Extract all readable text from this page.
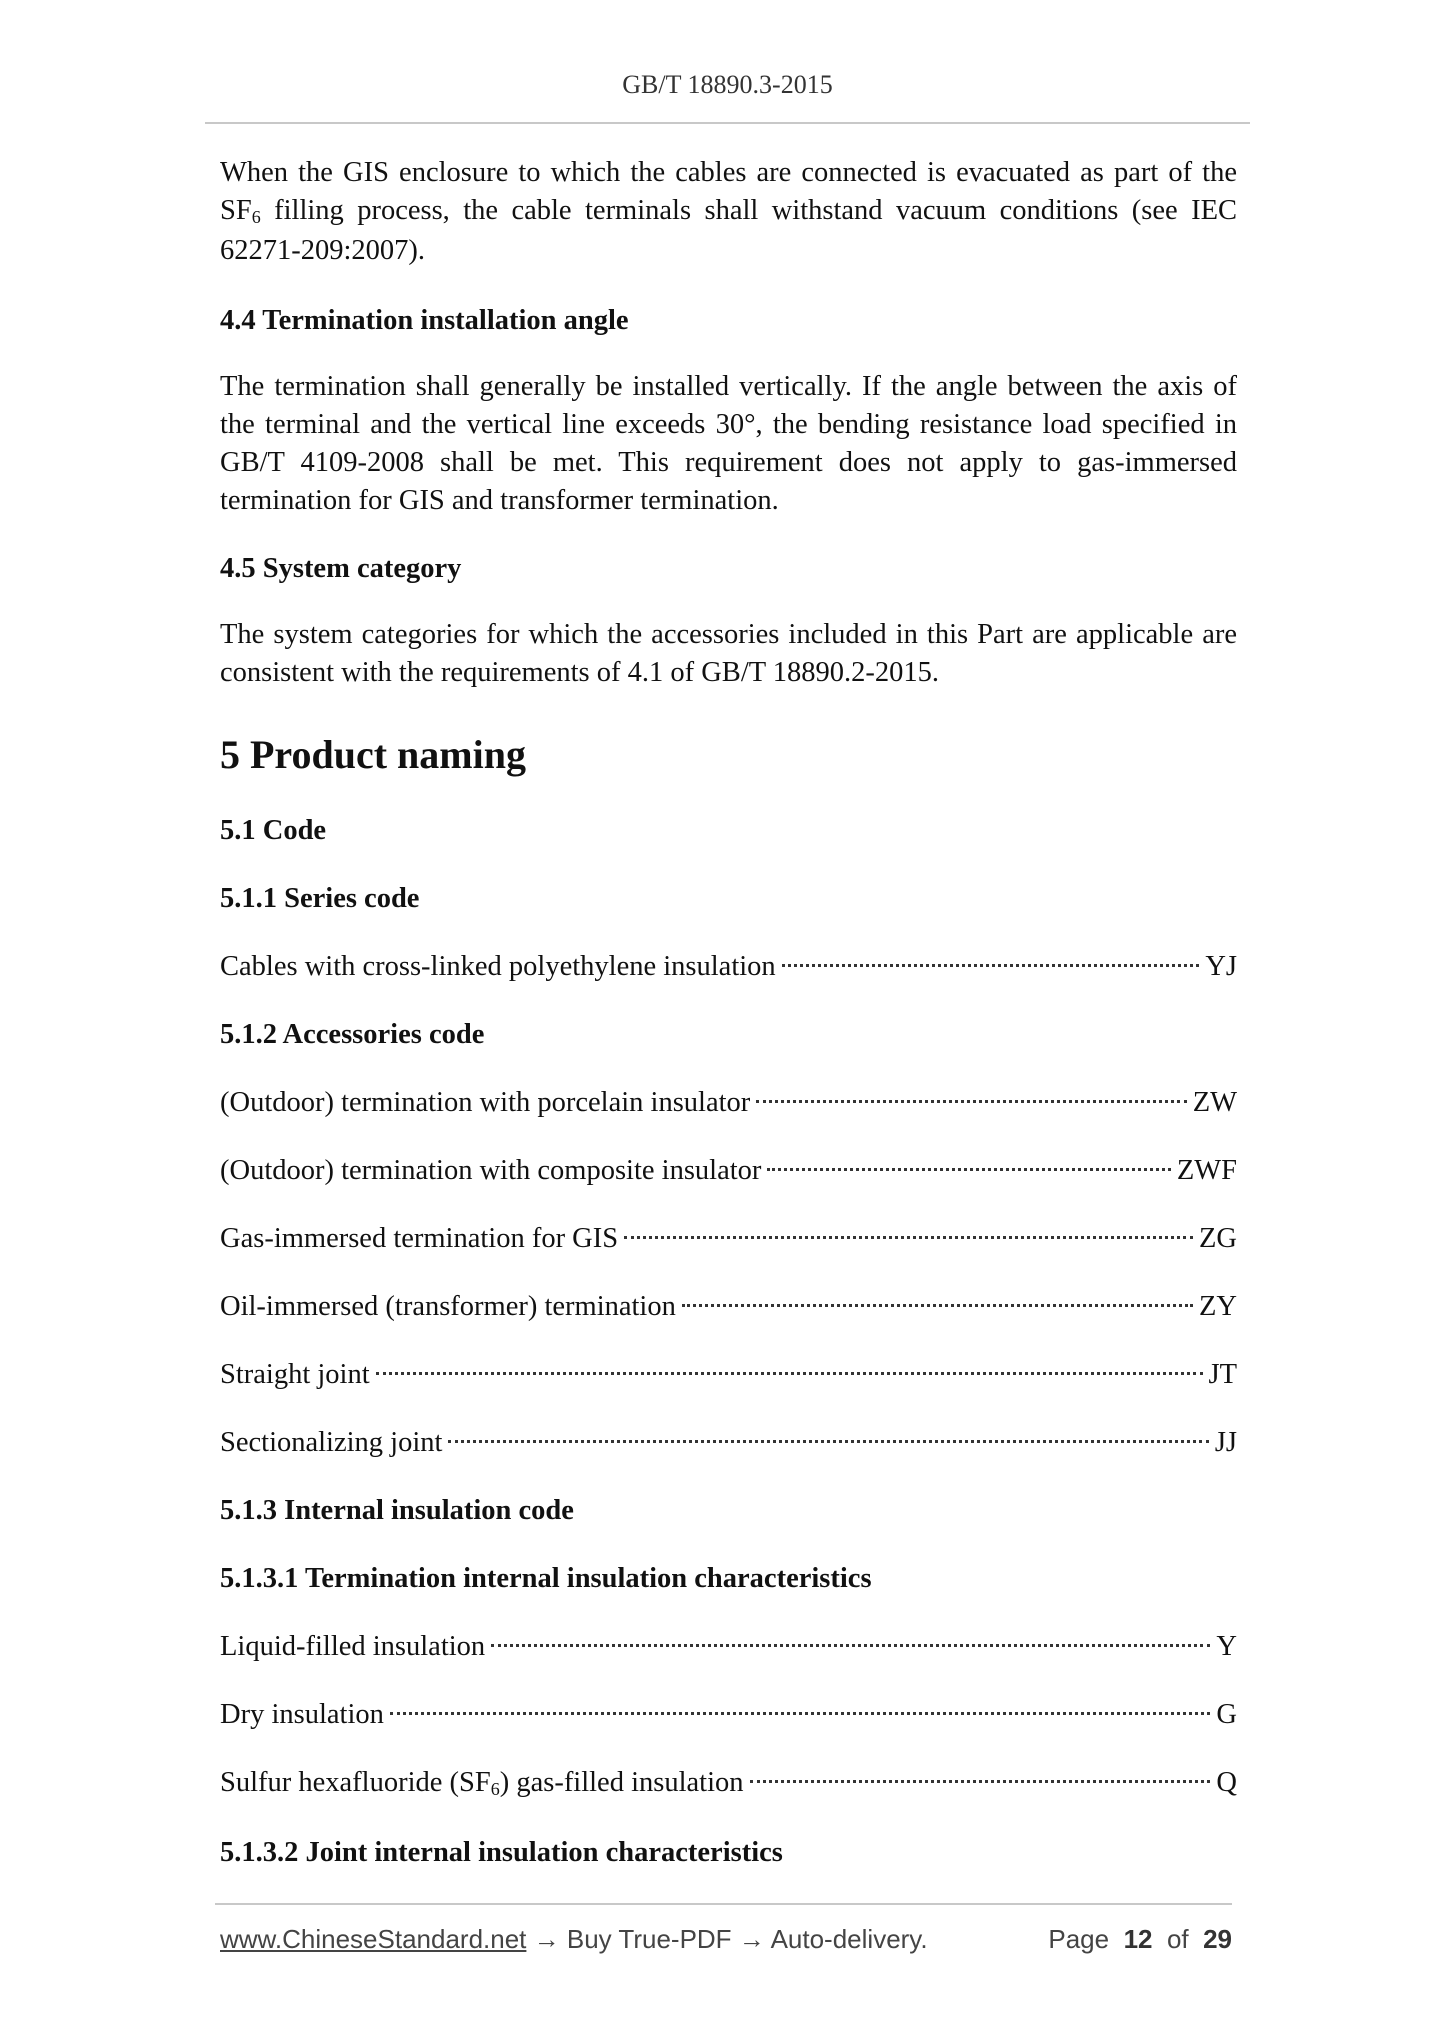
GB/T 18890.3-2015

When the GIS enclosure to which the cables are connected is evacuated as part of the SF6 filling process, the cable terminals shall withstand vacuum conditions (see IEC 62271-209:2007).

4.4 Termination installation angle

The termination shall generally be installed vertically. If the angle between the axis of the terminal and the vertical line exceeds 30°, the bending resistance load specified in GB/T 4109-2008 shall be met. This requirement does not apply to gas-immersed termination for GIS and transformer termination.

4.5 System category

The system categories for which the accessories included in this Part are applicable are consistent with the requirements of 4.1 of GB/T 18890.2-2015.

5 Product naming
5.1 Code
5.1.1 Series code
Cables with cross-linked polyethylene insulation	YJ
5.1.2 Accessories code
(Outdoor) termination with porcelain insulator	ZW
(Outdoor) termination with composite insulator	ZWF
Gas-immersed termination for GIS	ZG
Oil-immersed (transformer) termination	ZY
Straight joint	JT
Sectionalizing joint	JJ
5.1.3 Internal insulation code
5.1.3.1 Termination internal insulation characteristics
Liquid-filled insulation	Y
Dry insulation	G
Sulfur hexafluoride (SF6) gas-filled insulation	Q
5.1.3.2 Joint internal insulation characteristics
www.ChineseStandard.net → Buy True-PDF → Auto-delivery.	Page 12 of 29
